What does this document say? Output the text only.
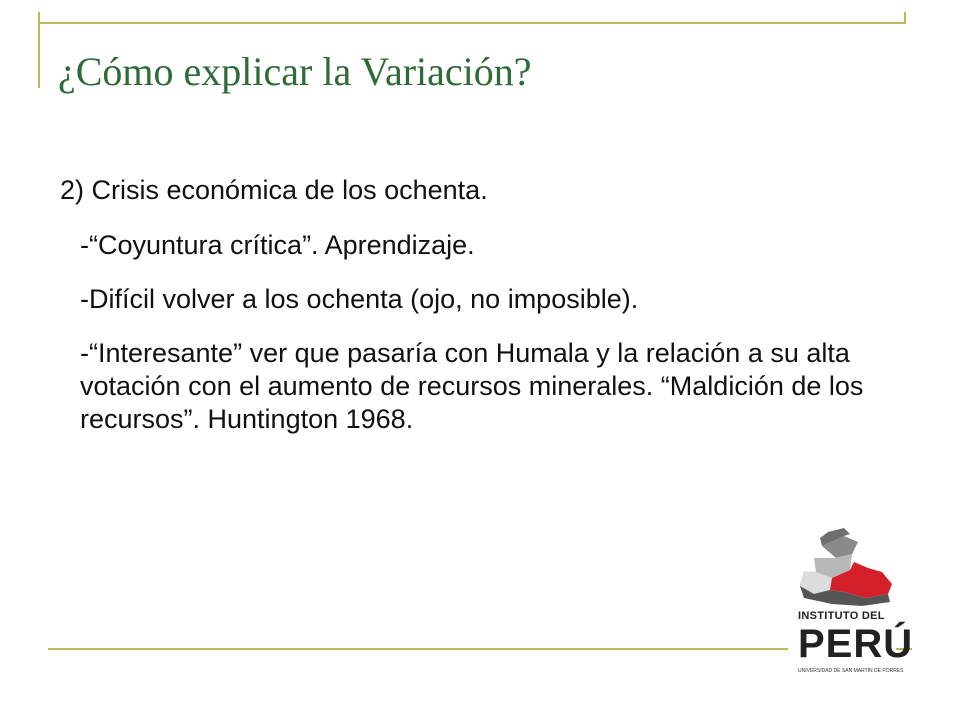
¿Cómo explicar la Variación?

2) Crisis económica de los ochenta.

-“Coyuntura crítica”. Aprendizaje.

-Difícil volver a los ochenta (ojo, no imposible).

-“Interesante” ver que pasaría con Humala y la relación a su alta votación con el aumento de recursos minerales. “Maldición de los recursos”. Huntington 1968.

INSTITUTO DEL
PERÚ
UNIVERSIDAD DE SAN MARTÍN DE PORRES
